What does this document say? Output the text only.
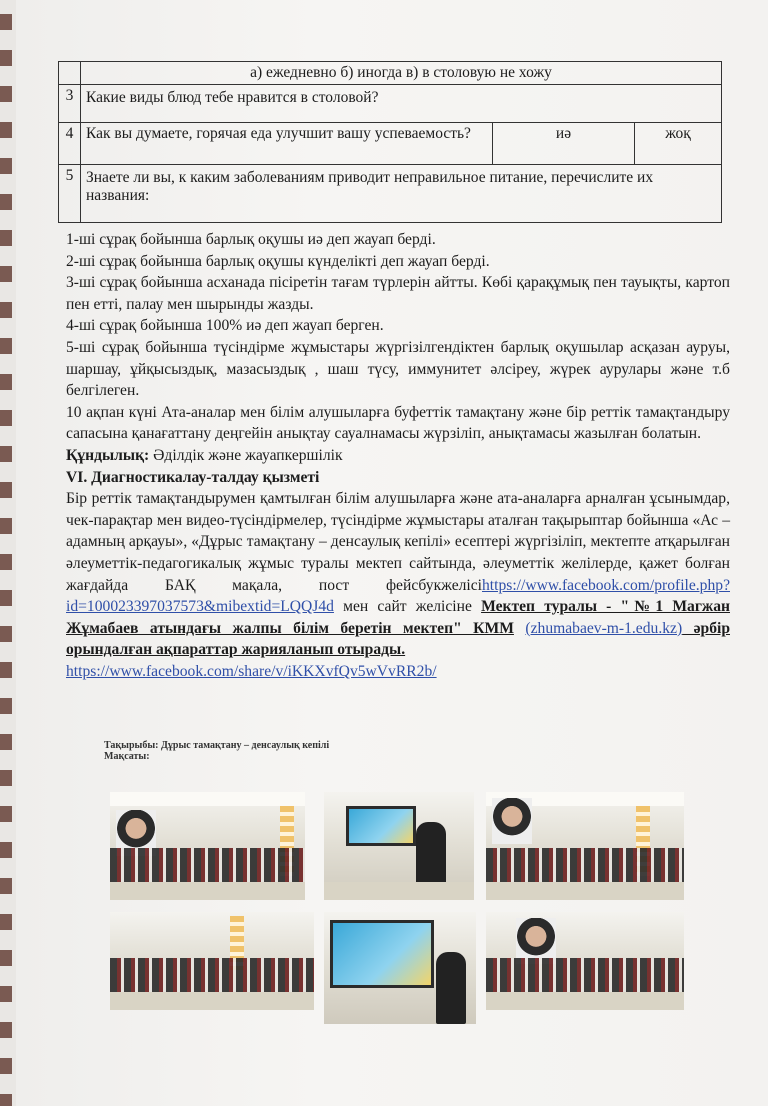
	а) ежедневно б) иногда в) в столовую не хожу		
3	Какие виды блюд тебе нравится в столовой?		
4	Как вы думаете, горячая еда улучшит вашу успеваемость?	иә	жоқ
5	Знаете ли вы, к каким заболеваниям приводит неправильное питание, перечислите их названия:		

1-ші сұрақ бойынша барлық оқушы иә деп жауап берді.

2-ші сұрақ бойынша барлық оқушы күнделікті деп жауап берді.

3-ші сұрақ бойынша асханада пісіретін тағам түрлерін айтты. Көбі қарақұмық пен тауықты, картоп пен етті, палау мен шырынды жазды.

4-ші сұрақ бойынша 100% иә деп жауап берген.

5-ші сұрақ бойынша түсіндірме жұмыстары жүргізілгендіктен барлық оқушылар асқазан ауруы, шаршау, ұйқысыздық, мазасыздық , шаш түсу, иммунитет әлсіреу, жүрек аурулары және т.б белгілеген.

10 ақпан күні Ата-аналар мен білім алушыларға буфеттік тамақтану және бір реттік тамақтандыру сапасына қанағаттану деңгейін анықтау сауалнамасы жүрзіліп, анықтамасы жазылған болатын.

Құндылық: Әділдік және жауапкершілік

VI. Диагностикалау-талдау қызметі

Бір реттік тамақтандырумен қамтылған білім алушыларға және ата-аналарға арналған ұсынымдар, чек-парақтар мен видео-түсіндірмелер, түсіндірме жұмыстары аталған тақырыптар бойынша «Ас – адамның арқауы», «Дұрыс тамақтану – денсаулық кепілі» есептері жүргізіліп, мектепте атқарылған әлеуметтік-педагогикалық жұмыс туралы мектеп сайтында, әлеуметтік желілерде, қажет болған жағдайда БАҚ мақала, пост фейсбукжелісіhttps://www.facebook.com/profile.php?id=100023397037573&mibextid=LQQJ4d мен сайт желісіне Мектеп туралы - "№1 Магжан Жұмабаев атындағы жалпы білім беретін мектеп" КММ (zhumabaev-m-1.edu.kz) әрбір орындалған ақпараттар жарияланып отырады.

https://www.facebook.com/share/v/iKKXvfQv5wVvRR2b/

Тақырыбы: Дұрыс тамақтану – денсаулық кепілі
Мақсаты:
